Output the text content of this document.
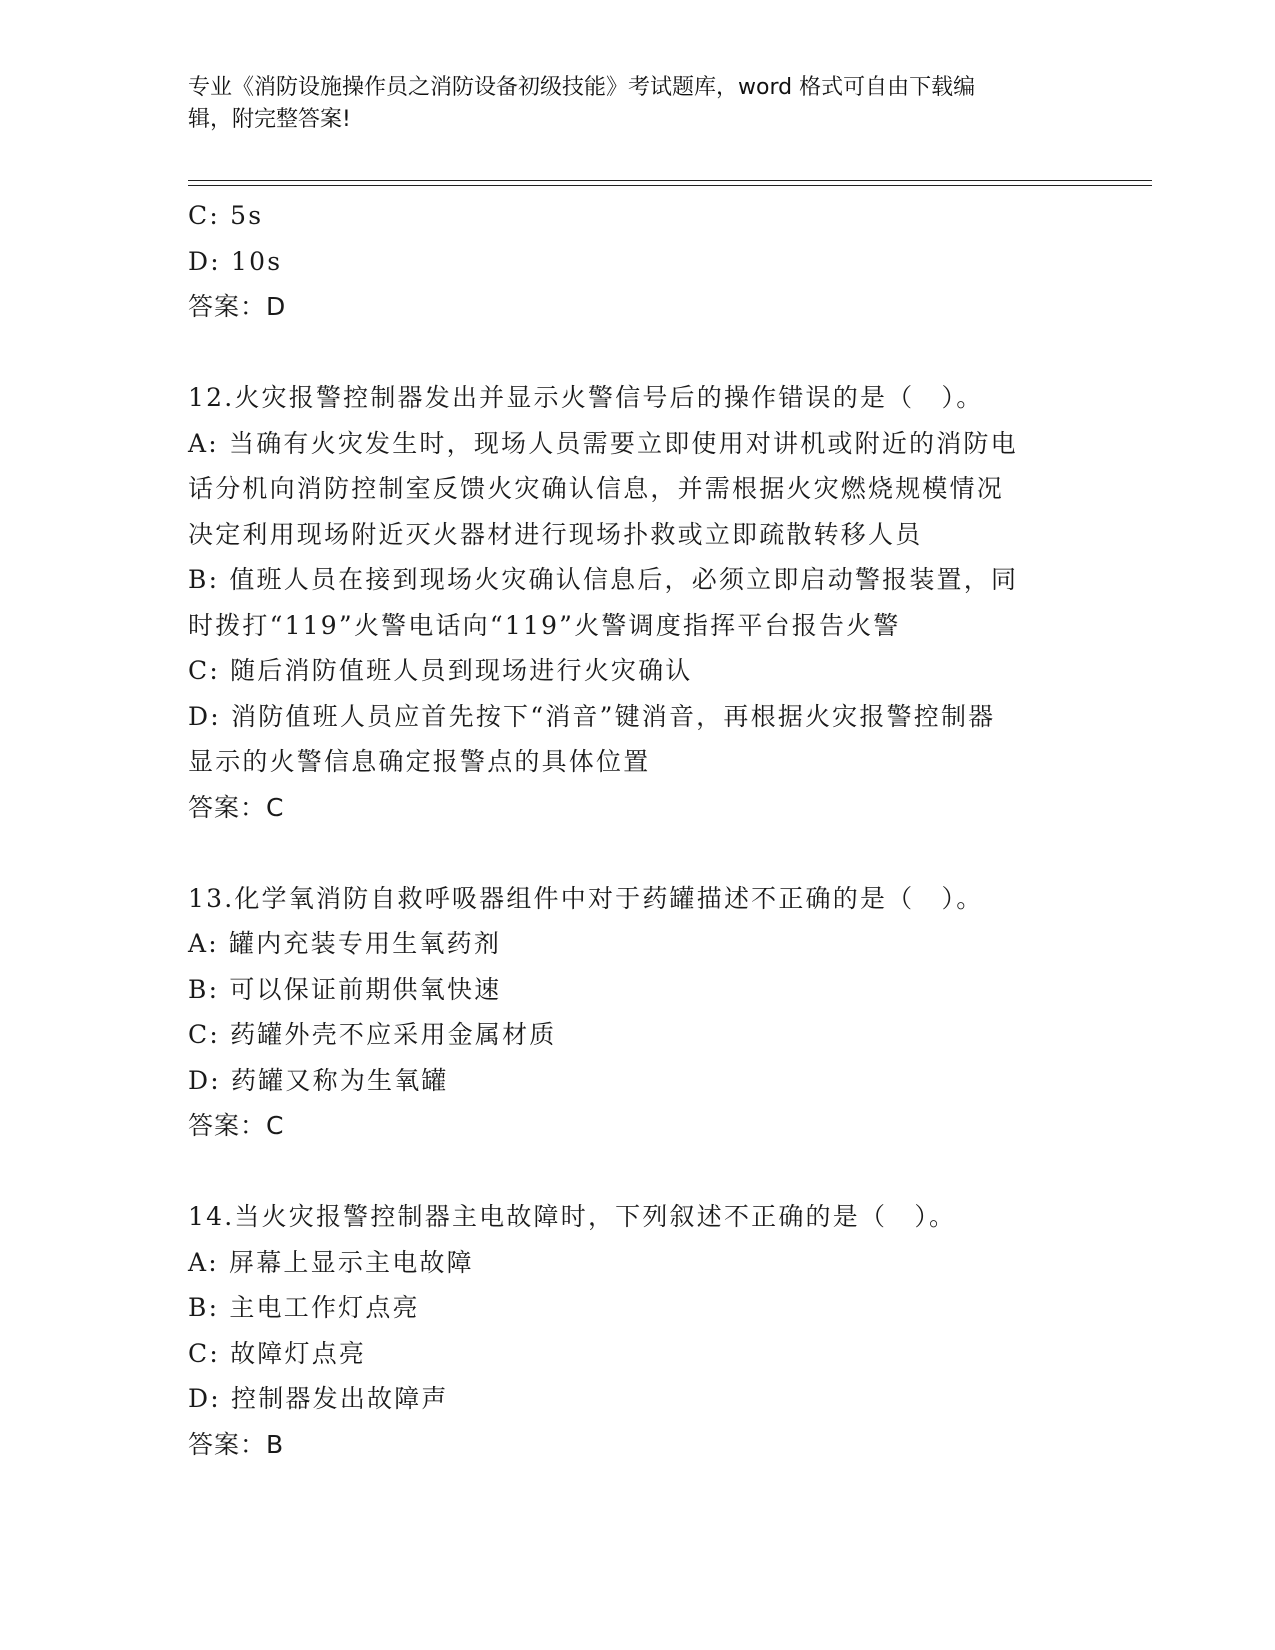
专业《消防设施操作员之消防设备初级技能》考试题库，word 格式可自由下载编
辑，附完整答案!
C: 5s
D: 10s
答案：D
12.火灾报警控制器发出并显示火警信号后的操作错误的是（　）。
A: 当确有火灾发生时，现场人员需要立即使用对讲机或附近的消防电
话分机向消防控制室反馈火灾确认信息，并需根据火灾燃烧规模情况
决定利用现场附近灭火器材进行现场扑救或立即疏散转移人员
B: 值班人员在接到现场火灾确认信息后，必须立即启动警报装置，同
时拨打“119”火警电话向“119”火警调度指挥平台报告火警
C: 随后消防值班人员到现场进行火灾确认
D: 消防值班人员应首先按下“消音”键消音，再根据火灾报警控制器
显示的火警信息确定报警点的具体位置
答案：C
13.化学氧消防自救呼吸器组件中对于药罐描述不正确的是（　）。
A: 罐内充装专用生氧药剂
B: 可以保证前期供氧快速
C: 药罐外壳不应采用金属材质
D: 药罐又称为生氧罐
答案：C
14.当火灾报警控制器主电故障时，下列叙述不正确的是（　）。
A: 屏幕上显示主电故障
B: 主电工作灯点亮
C: 故障灯点亮
D: 控制器发出故障声
答案：B
